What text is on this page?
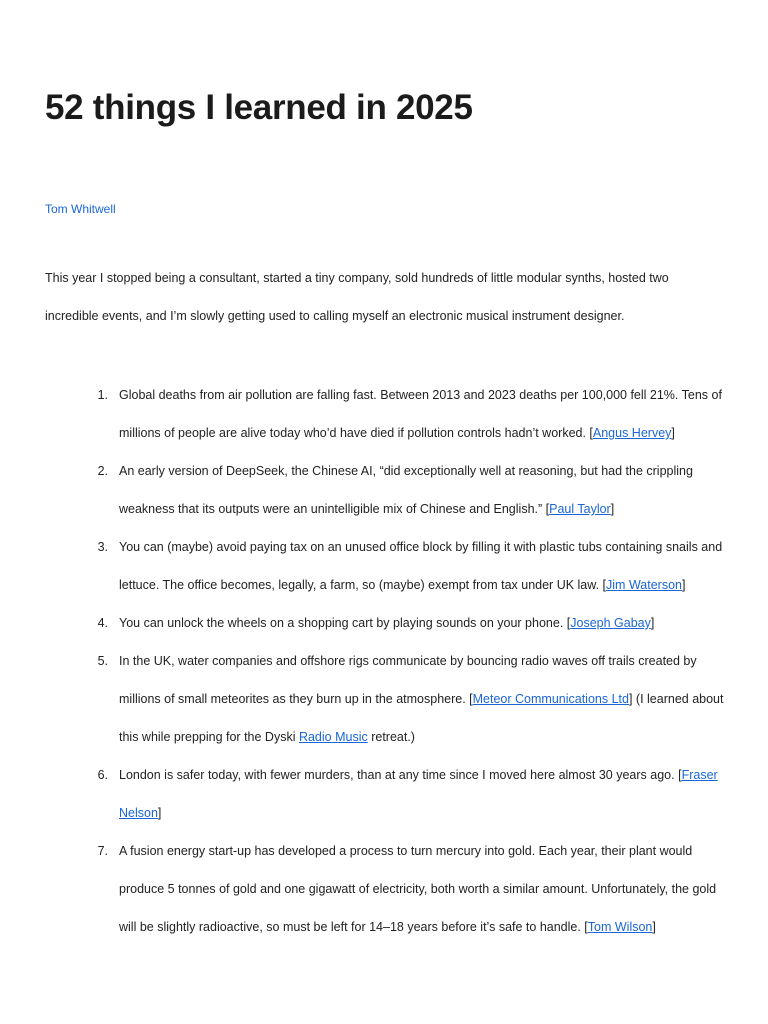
52 things I learned in 2025
Tom Whitwell

This year I stopped being a consultant, started a tiny company, sold hundreds of little modular synths, hosted two incredible events, and I’m slowly getting used to calling myself an electronic musical instrument designer.

1. Global deaths from air pollution are falling fast. Between 2013 and 2023 deaths per 100,000 fell 21%. Tens of millions of people are alive today who’d have died if pollution controls hadn’t worked. [Angus Hervey]
2. An early version of DeepSeek, the Chinese AI, “did exceptionally well at reasoning, but had the crippling weakness that its outputs were an unintelligible mix of Chinese and English.” [Paul Taylor]
3. You can (maybe) avoid paying tax on an unused office block by filling it with plastic tubs containing snails and lettuce. The office becomes, legally, a farm, so (maybe) exempt from tax under UK law. [Jim Waterson]
4. You can unlock the wheels on a shopping cart by playing sounds on your phone. [Joseph Gabay]
5. In the UK, water companies and offshore rigs communicate by bouncing radio waves off trails created by millions of small meteorites as they burn up in the atmosphere. [Meteor Communications Ltd] (I learned about this while prepping for the Dyski Radio Music retreat.)
6. London is safer today, with fewer murders, than at any time since I moved here almost 30 years ago. [Fraser Nelson]
7. A fusion energy start-up has developed a process to turn mercury into gold. Each year, their plant would produce 5 tonnes of gold and one gigawatt of electricity, both worth a similar amount. Unfortunately, the gold will be slightly radioactive, so must be left for 14–18 years before it’s safe to handle. [Tom Wilson]
